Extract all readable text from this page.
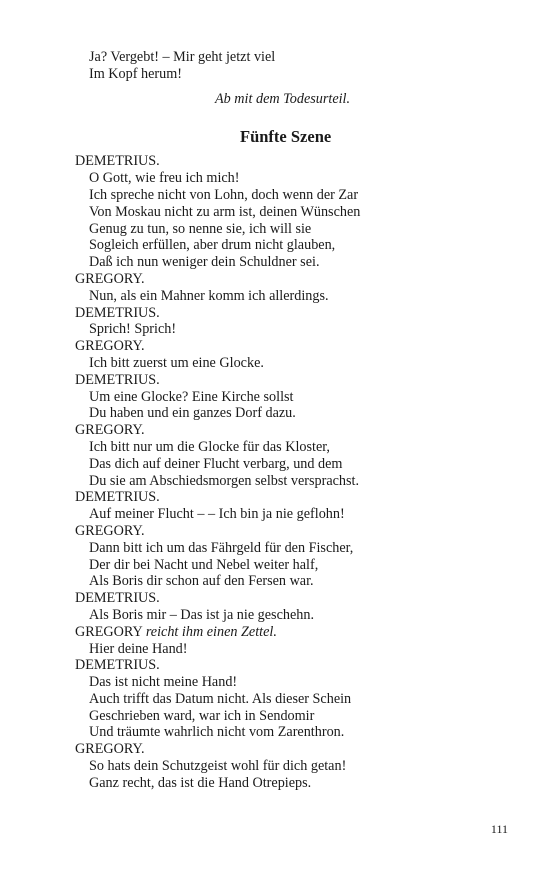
Ja? Vergebt! – Mir geht jetzt viel
Im Kopf herum!
Ab mit dem Todesurteil.
Fünfte Szene
DEMETRIUS.
O Gott, wie freu ich mich!
Ich spreche nicht von Lohn, doch wenn der Zar
Von Moskau nicht zu arm ist, deinen Wünschen
Genug zu tun, so nenne sie, ich will sie
Sogleich erfüllen, aber drum nicht glauben,
Daß ich nun weniger dein Schuldner sei.
GREGORY.
Nun, als ein Mahner komm ich allerdings.
DEMETRIUS.
Sprich! Sprich!
GREGORY.
Ich bitt zuerst um eine Glocke.
DEMETRIUS.
Um eine Glocke? Eine Kirche sollst
Du haben und ein ganzes Dorf dazu.
GREGORY.
Ich bitt nur um die Glocke für das Kloster,
Das dich auf deiner Flucht verbarg, und dem
Du sie am Abschiedsmorgen selbst versprachst.
DEMETRIUS.
Auf meiner Flucht – – Ich bin ja nie geflohn!
GREGORY.
Dann bitt ich um das Fährgeld für den Fischer,
Der dir bei Nacht und Nebel weiter half,
Als Boris dir schon auf den Fersen war.
DEMETRIUS.
Als Boris mir – Das ist ja nie geschehn.
GREGORY reicht ihm einen Zettel.
Hier deine Hand!
DEMETRIUS.
Das ist nicht meine Hand!
Auch trifft das Datum nicht. Als dieser Schein
Geschrieben ward, war ich in Sendomir
Und träumte wahrlich nicht vom Zarenthron.
GREGORY.
So hats dein Schutzgeist wohl für dich getan!
Ganz recht, das ist die Hand Otrepieps.
111
